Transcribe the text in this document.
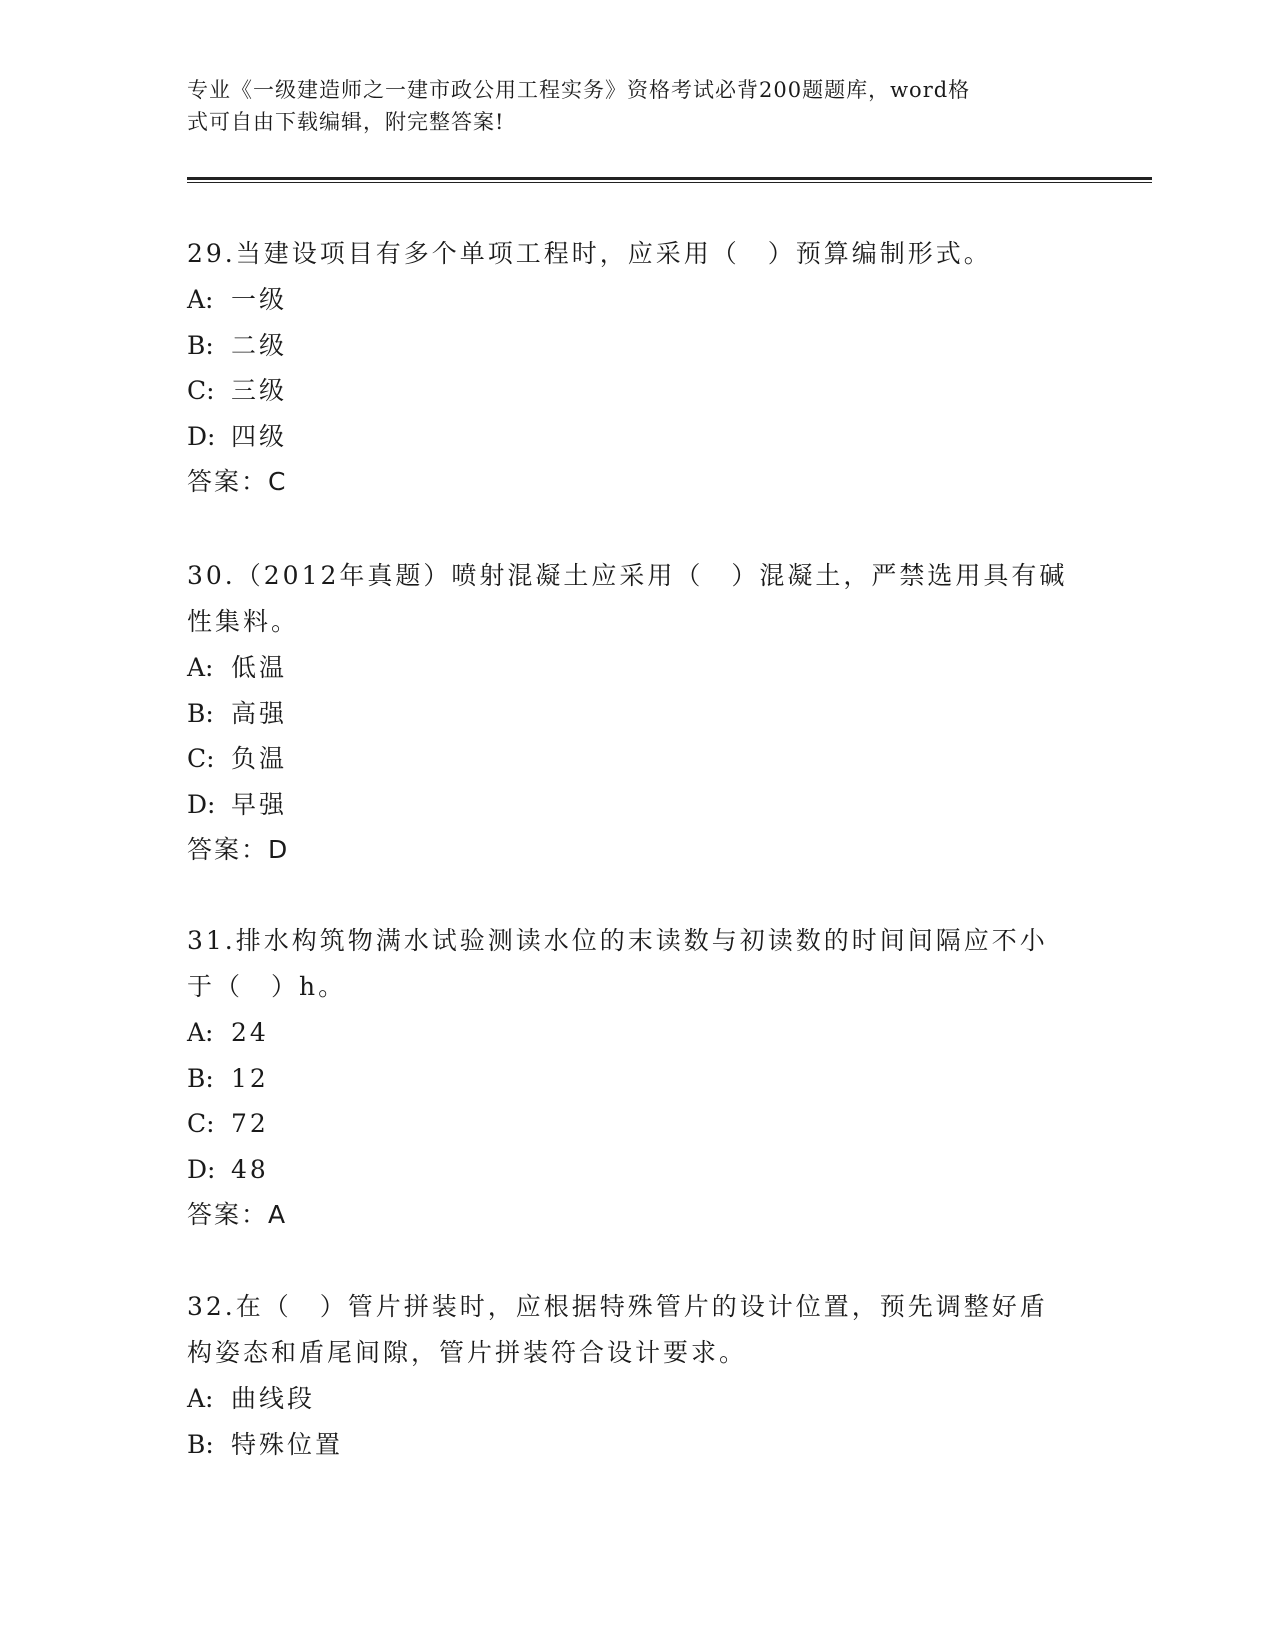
专业《一级建造师之一建市政公用工程实务》资格考试必背200题题库，word格
式可自由下载编辑，附完整答案!

29.当建设项目有多个单项工程时，应采用（　）预算编制形式。

A: 一级

B: 二级

C: 三级

D: 四级

答案：C

30.（2012年真题）喷射混凝土应采用（　）混凝土，严禁选用具有碱

性集料。

A: 低温

B: 高强

C: 负温

D: 早强

答案：D

31.排水构筑物满水试验测读水位的末读数与初读数的时间间隔应不小

于（　）h。

A: 24

B: 12

C: 72

D: 48

答案：A

32.在（　）管片拼装时，应根据特殊管片的设计位置，预先调整好盾

构姿态和盾尾间隙，管片拼装符合设计要求。

A: 曲线段

B: 特殊位置
